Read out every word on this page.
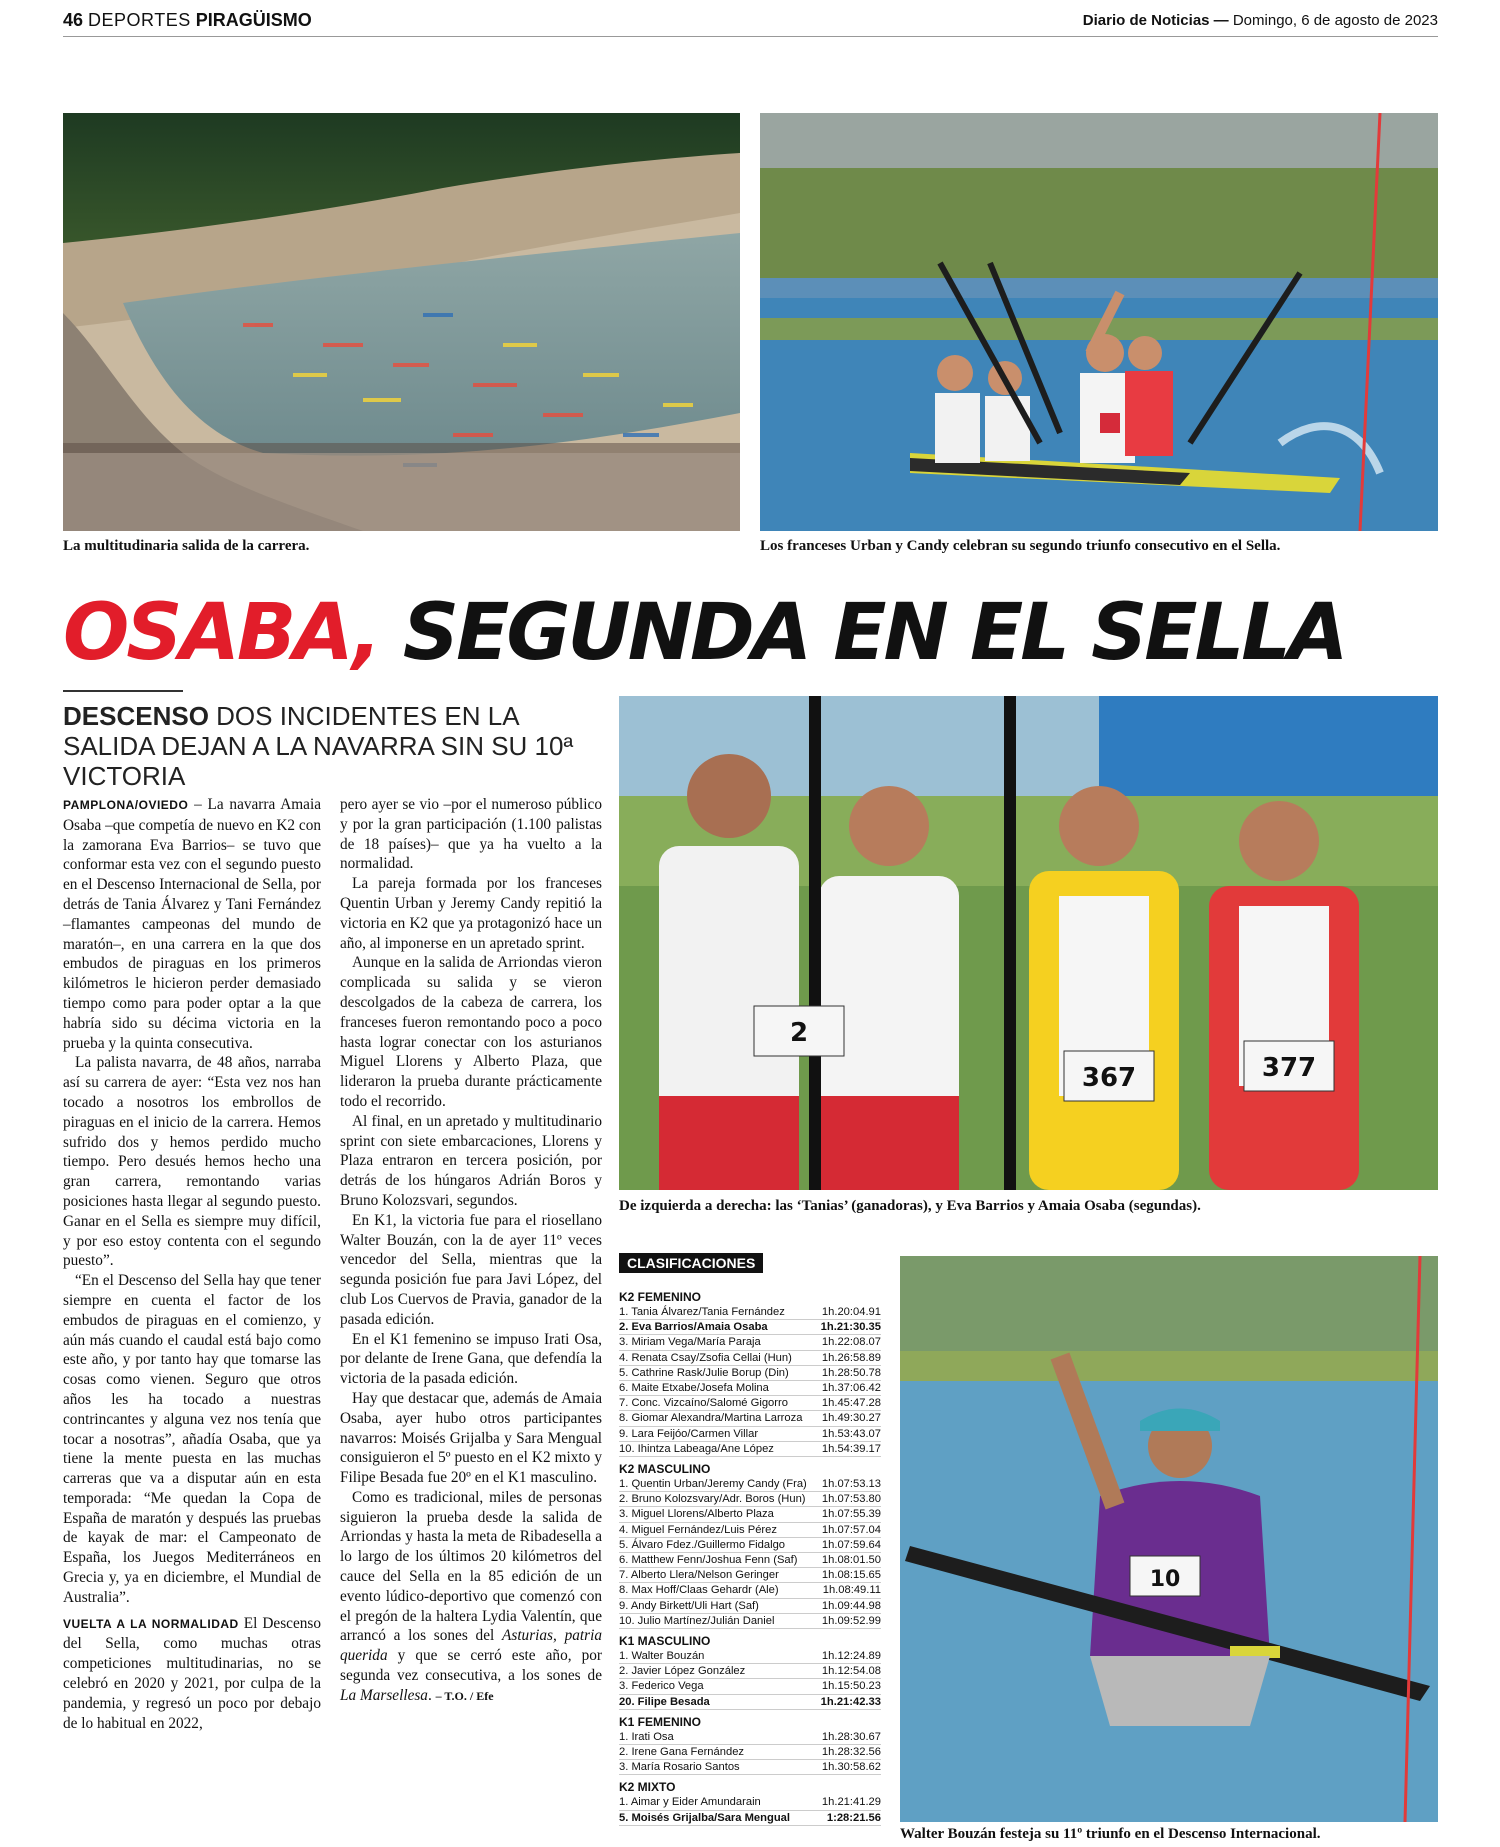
46 DEPORTES PIRAGÜISMO	Diario de Noticias — Domingo, 6 de agosto de 2023
La multitudinaria salida de la carrera.	Los franceses Urban y Candy celebran su segundo triunfo consecutivo en el Sella.
OSABA, SEGUNDA EN EL SELLA
DESCENSO DOS INCIDENTES EN LA SALIDA DEJAN A LA NAVARRA SIN SU 10ª VICTORIA

PAMPLONA/OVIEDO – La navarra Amaia Osaba –que competía de nuevo en K2 con la zamorana Eva Barrios– se tuvo que conformar esta vez con el segundo puesto en el Descenso Internacional de Sella, por detrás de Tania Álvarez y Tani Fernández –flamantes campeonas del mundo de maratón–, en una carrera en la que dos embudos de piraguas en los primeros kilómetros le hicieron perder demasiado tiempo como para poder optar a la que habría sido su décima victoria en la prueba y la quinta consecutiva.

La palista navarra, de 48 años, narraba así su carrera de ayer: “Esta vez nos han tocado a nosotros los embrollos de piraguas en el inicio de la carrera. Hemos sufrido dos y hemos perdido mucho tiempo. Pero desués hemos hecho una gran carrera, remontando varias posiciones hasta llegar al segundo puesto. Ganar en el Sella es siempre muy difícil, y por eso estoy contenta con el segundo puesto”.

“En el Descenso del Sella hay que tener siempre en cuenta el factor de los embudos de piraguas en el comienzo, y aún más cuando el caudal está bajo como este año, y por tanto hay que tomarse las cosas como vienen. Seguro que otros años les ha tocado a nuestras contrincantes y alguna vez nos tenía que tocar a nosotras”, añadía Osaba, que ya tiene la mente puesta en las muchas carreras que va a disputar aún en esta temporada: “Me quedan la Copa de España de maratón y después las pruebas de kayak de mar: el Campeonato de España, los Juegos Mediterráneos en Grecia y, ya en diciembre, el Mundial de Australia”.

VUELTA A LA NORMALIDAD El Descenso del Sella, como muchas otras competiciones multitudinarias, no se celebró en 2020 y 2021, por culpa de la pandemia, y regresó un poco por debajo de lo habitual en 2022,

pero ayer se vio –por el numeroso público y por la gran participación (1.100 palistas de 18 países)– que ya ha vuelto a la normalidad.

La pareja formada por los franceses Quentin Urban y Jeremy Candy repitió la victoria en K2 que ya protagonizó hace un año, al imponerse en un apretado sprint.

Aunque en la salida de Arriondas vieron complicada su salida y se vieron descolgados de la cabeza de carrera, los franceses fueron remontando poco a poco hasta lograr conectar con los asturianos Miguel Llorens y Alberto Plaza, que lideraron la prueba durante prácticamente todo el recorrido.

Al final, en un apretado y multitudinario sprint con siete embarcaciones, Llorens y Plaza entraron en tercera posición, por detrás de los húngaros Adrián Boros y Bruno Kolozsvari, segundos.

En K1, la victoria fue para el riosellano Walter Bouzán, con la de ayer 11º veces vencedor del Sella, mientras que la segunda posición fue para Javi López, del club Los Cuervos de Pravia, ganador de la pasada edición.

En el K1 femenino se impuso Irati Osa, por delante de Irene Gana, que defendía la victoria de la pasada edición.

Hay que destacar que, además de Amaia Osaba, ayer hubo otros participantes navarros: Moisés Grijalba y Sara Mengual consiguieron el 5º puesto en el K2 mixto y Filipe Besada fue 20º en el K1 masculino.

Como es tradicional, miles de personas siguieron la prueba desde la salida de Arriondas y hasta la meta de Ribadesella a lo largo de los últimos 20 kilómetros del cauce del Sella en la 85 edición de un evento lúdico-deportivo que comenzó con el pregón de la haltera Lydia Valentín, que arrancó a los sones del Asturias, patria querida y que se cerró este año, por segunda vez consecutiva, a los sones de La Marsellesa. – T.O. / Efe

2
367	377
De izquierda a derecha: las ‘Tanias’ (ganadoras), y Eva Barrios y Amaia Osaba (segundas).
CLASIFICACIONES
K2 FEMENINO
1. Tania Álvarez/Tania Fernández	1h.20:04.91
2. Eva Barrios/Amaia Osaba	1h.21:30.35
3. Miriam Vega/María Paraja	1h.22:08.07
4. Renata Csay/Zsofia Cellai (Hun)	1h.26:58.89
5. Cathrine Rask/Julie Borup (Din)	1h.28:50.78
6. Maite Etxabe/Josefa Molina	1h.37:06.42
7. Conc. Vizcaíno/Salomé Gigorro	1h.45:47.28
8. Giomar Alexandra/Martina Larroza 1h.49:30.27
9. Lara Feijóo/Carmen Villar	1h.53:43.07
10. Ihintza Labeaga/Ane López	1h.54:39.17
K2 MASCULINO
1. Quentin Urban/Jeremy Candy (Fra) 1h.07:53.13
2. Bruno Kolozsvary/Adr. Boros (Hun) 1h.07:53.80
3. Miguel Llorens/Alberto Plaza	1h.07:55.39
4. Miguel Fernández/Luis Pérez	1h.07:57.04
5. Álvaro Fdez./Guillermo Fidalgo	1h.07:59.64
6. Matthew Fenn/Joshua Fenn (Saf) 1h.08:01.50
7. Alberto Llera/Nelson Geringer	1h.08:15.65
8. Max Hoff/Claas Gehardr (Ale)	1h.08:49.11
9. Andy Birkett/Uli Hart (Saf)	1h.09:44.98
10. Julio Martínez/Julián Daniel	1h.09:52.99
K1 MASCULINO
1. Walter Bouzán	1h.12:24.89
2. Javier López González	1h.12:54.08
3. Federico Vega	1h.15:50.23
20. Filipe Besada	1h.21:42.33
K1 FEMENINO
1. Irati Osa	1h.28:30.67
2. Irene Gana Fernández	1h.28:32.56
3. María Rosario Santos	1h.30:58.62
K2 MIXTO
1. Aimar y Eider Amundarain	1h.21:41.29
5. Moisés Grijalba/Sara Mengual	1:28:21.56
10
Walter Bouzán festeja su 11º triunfo en el Descenso Internacional.
